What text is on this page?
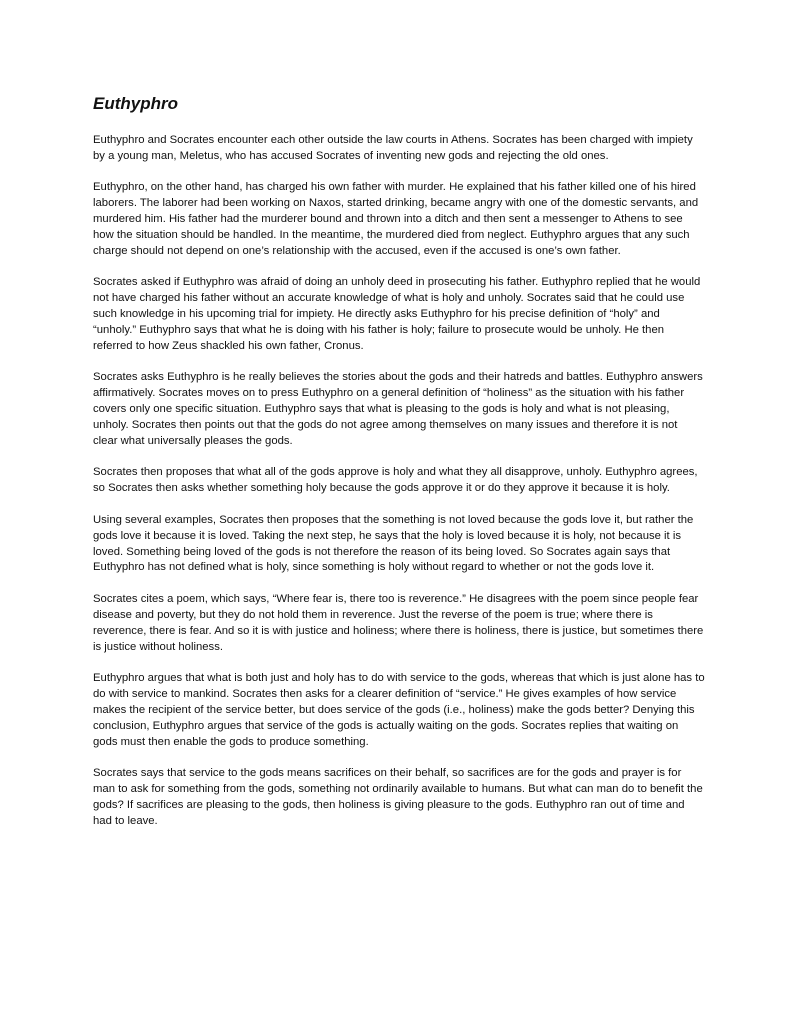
Euthyphro

Euthyphro and Socrates encounter each other outside the law courts in Athens. Socrates has been charged with impiety by a young man, Meletus, who has accused Socrates of inventing new gods and rejecting the old ones.

Euthyphro, on the other hand, has charged his own father with murder. He explained that his father killed one of his hired laborers. The laborer had been working on Naxos, started drinking, became angry with one of the domestic servants, and murdered him. His father had the murderer bound and thrown into a ditch and then sent a messenger to Athens to see how the situation should be handled. In the meantime, the murdered died from neglect. Euthyphro argues that any such charge should not depend on one’s relationship with the accused, even if the accused is one’s own father.

Socrates asked if Euthyphro was afraid of doing an unholy deed in prosecuting his father. Euthyphro replied that he would not have charged his father without an accurate knowledge of what is holy and unholy. Socrates said that he could use such knowledge in his upcoming trial for impiety. He directly asks Euthyphro for his precise definition of “holy” and “unholy.” Euthyphro says that what he is doing with his father is holy; failure to prosecute would be unholy. He then referred to how Zeus shackled his own father, Cronus.

Socrates asks Euthyphro is he really believes the stories about the gods and their hatreds and battles. Euthyphro answers affirmatively. Socrates moves on to press Euthyphro on a general definition of “holiness” as the situation with his father covers only one specific situation. Euthyphro says that what is pleasing to the gods is holy and what is not pleasing, unholy. Socrates then points out that the gods do not agree among themselves on many issues and therefore it is not clear what universally pleases the gods.

Socrates then proposes that what all of the gods approve is holy and what they all disapprove, unholy. Euthyphro agrees, so Socrates then asks whether something holy because the gods approve it or do they approve it because it is holy.

Using several examples, Socrates then proposes that the something is not loved because the gods love it, but rather the gods love it because it is loved. Taking the next step, he says that the holy is loved because it is holy, not because it is loved. Something being loved of the gods is not therefore the reason of its being loved. So Socrates again says that Euthyphro has not defined what is holy, since something is holy without regard to whether or not the gods love it.

Socrates cites a poem, which says, “Where fear is, there too is reverence.” He disagrees with the poem since people fear disease and poverty, but they do not hold them in reverence. Just the reverse of the poem is true; where there is reverence, there is fear. And so it is with justice and holiness; where there is holiness, there is justice, but sometimes there is justice without holiness.

Euthyphro argues that what is both just and holy has to do with service to the gods, whereas that which is just alone has to do with service to mankind. Socrates then asks for a clearer definition of “service.” He gives examples of how service makes the recipient of the service better, but does service of the gods (i.e., holiness) make the gods better? Denying this conclusion, Euthyphro argues that service of the gods is actually waiting on the gods. Socrates replies that waiting on gods must then enable the gods to produce something.

Socrates says that service to the gods means sacrifices on their behalf, so sacrifices are for the gods and prayer is for man to ask for something from the gods, something not ordinarily available to humans. But what can man do to benefit the gods? If sacrifices are pleasing to the gods, then holiness is giving pleasure to the gods. Euthyphro ran out of time and had to leave.
